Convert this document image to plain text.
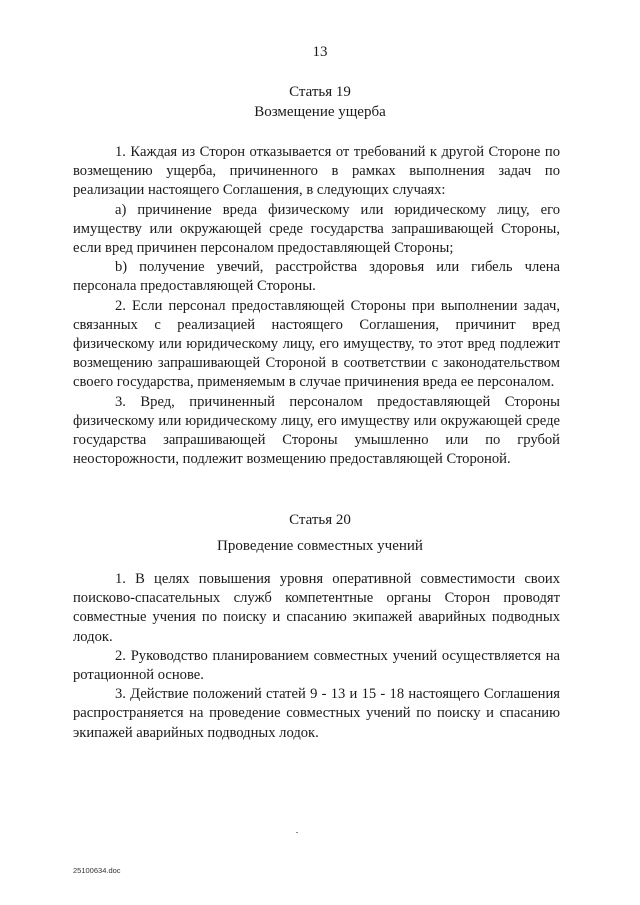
13
Статья 19
Возмещение ущерба

1. Каждая из Сторон отказывается от требований к другой Стороне по возмещению ущерба, причиненного в рамках выполнения задач по реализации настоящего Соглашения, в следующих случаях:

a) причинение вреда физическому или юридическому лицу, его имуществу или окружающей среде государства запрашивающей Стороны, если вред причинен персоналом предоставляющей Стороны;

b) получение увечий, расстройства здоровья или гибель члена персонала предоставляющей Стороны.

2. Если персонал предоставляющей Стороны при выполнении задач, связанных с реализацией настоящего Соглашения, причинит вред физическому или юридическому лицу, его имуществу, то этот вред подлежит возмещению запрашивающей Стороной в соответствии с законодательством своего государства, применяемым в случае причинения вреда ее персоналом.

3. Вред, причиненный персоналом предоставляющей Стороны физическому или юридическому лицу, его имуществу или окружающей среде государства запрашивающей Стороны умышленно или по грубой неосторожности, подлежит возмещению предоставляющей Стороной.

Статья 20
Проведение совместных учений

1. В целях повышения уровня оперативной совместимости своих поисково-спасательных служб компетентные органы Сторон проводят совместные учения по поиску и спасанию экипажей аварийных подводных лодок.

2. Руководство планированием совместных учений осуществляется на ротационной основе.

3. Действие положений статей 9 - 13 и 15 - 18 настоящего Соглашения распространяется на проведение совместных учений по поиску и спасанию экипажей аварийных подводных лодок.

25100634.doc
